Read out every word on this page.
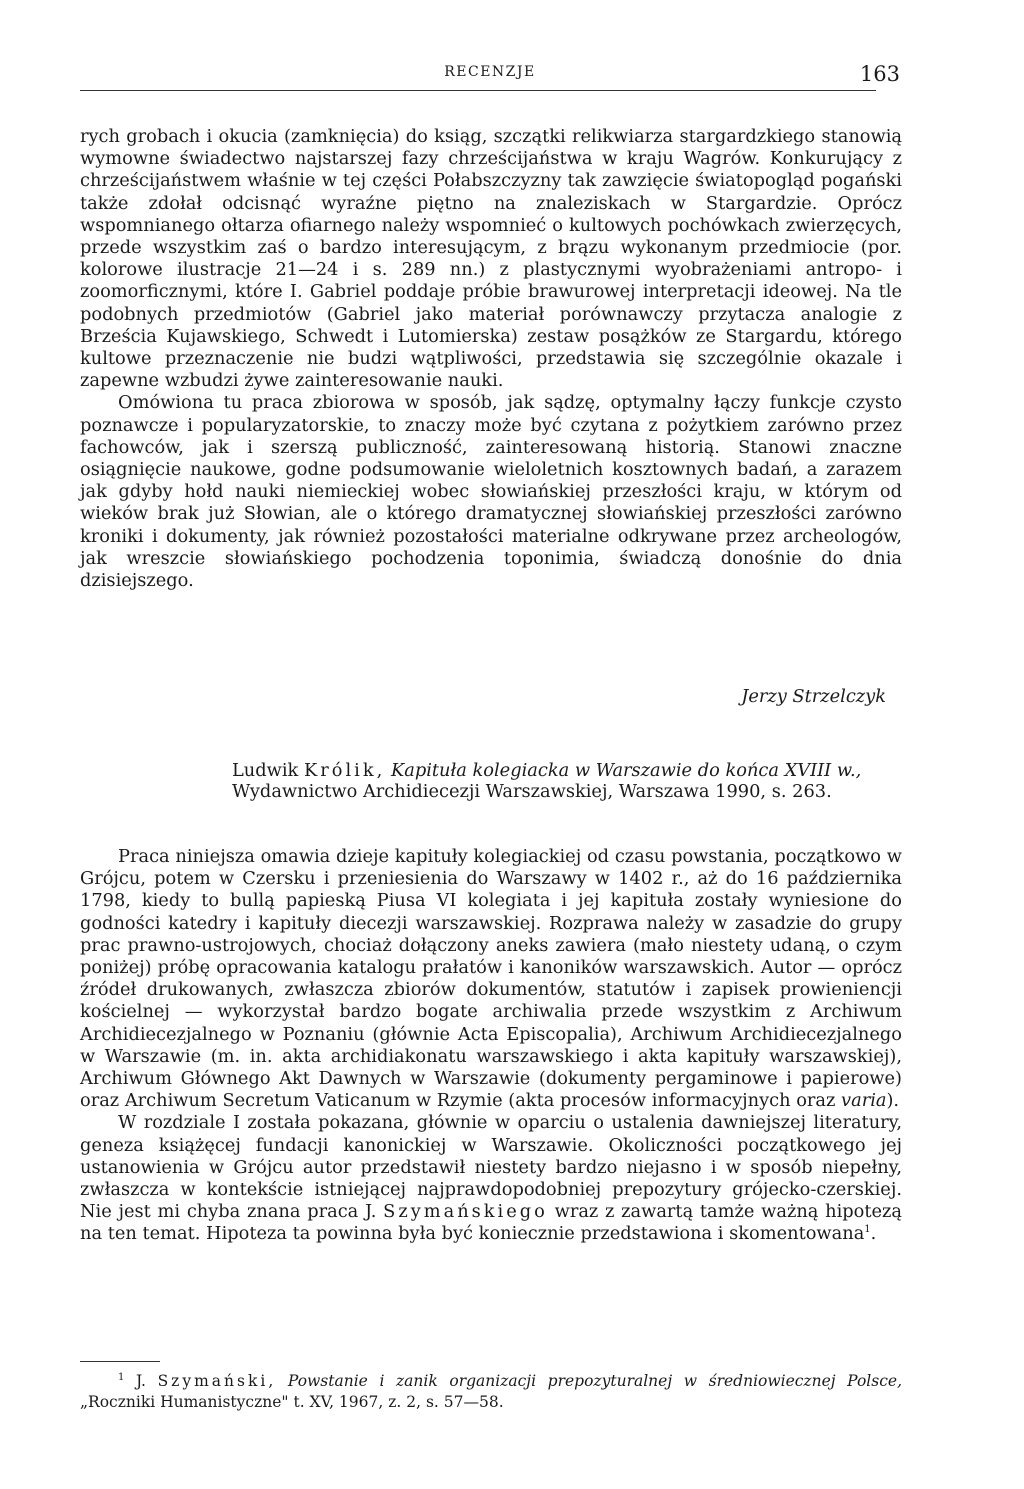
RECENZJE	163

rych grobach i okucia (zamknięcia) do ksiąg, szczątki relikwiarza stargardzkiego stanowią wymowne świadectwo najstarszej fazy chrześcijaństwa w kraju Wagrów. Konkurujący z chrześcijaństwem właśnie w tej części Połabszczyzny tak zawzięcie światopogląd pogański także zdołał odcisnąć wyraźne piętno na znaleziskach w Stargardzie. Oprócz wspomnianego ołtarza ofiarnego należy wspomnieć o kultowych pochówkach zwierzęcych, przede wszystkim zaś o bardzo interesującym, z brązu wykonanym przedmiocie (por. kolorowe ilustracje 21—24 i s. 289 nn.) z plastycznymi wyobrażeniami antropo- i zoomorficznymi, które I. Gabriel poddaje próbie brawurowej interpretacji ideowej. Na tle podobnych przedmiotów (Gabriel jako materiał porównawczy przytacza analogie z Brześcia Kujawskiego, Schwedt i Lutomierska) zestaw posążków ze Stargardu, którego kultowe przeznaczenie nie budzi wątpliwości, przedstawia się szczególnie okazale i zapewne wzbudzi żywe zainteresowanie nauki.

Omówiona tu praca zbiorowa w sposób, jak sądzę, optymalny łączy funkcje czysto poznawcze i popularyzatorskie, to znaczy może być czytana z pożytkiem zarówno przez fachowców, jak i szerszą publiczność, zainteresowaną historią. Stanowi znaczne osiągnięcie naukowe, godne podsumowanie wieloletnich kosztownych badań, a zarazem jak gdyby hołd nauki niemieckiej wobec słowiańskiej przeszłości kraju, w którym od wieków brak już Słowian, ale o którego dramatycznej słowiańskiej przeszłości zarówno kroniki i dokumenty, jak również pozostałości materialne odkrywane przez archeologów, jak wreszcie słowiańskiego pochodzenia toponimia, świadczą donośnie do dnia dzisiejszego.

Jerzy Strzelczyk
Ludwik Królik, Kapituła kolegiacka w Warszawie do końca XVIII w., Wydawnictwo Archidiecezji Warszawskiej, Warszawa 1990, s. 263.

Praca niniejsza omawia dzieje kapituły kolegiackiej od czasu powstania, początkowo w Grójcu, potem w Czersku i przeniesienia do Warszawy w 1402 r., aż do 16 października 1798, kiedy to bullą papieską Piusa VI kolegiata i jej kapituła zostały wyniesione do godności katedry i kapituły diecezji warszawskiej. Rozprawa należy w zasadzie do grupy prac prawno-ustrojowych, chociaż dołączony aneks zawiera (mało niestety udaną, o czym poniżej) próbę opracowania katalogu prałatów i kanoników warszawskich. Autor — oprócz źródeł drukowanych, zwłaszcza zbiorów dokumentów, statutów i zapisek prowieniencji kościelnej — wykorzystał bardzo bogate archiwalia przede wszystkim z Archiwum Archidiecezjalnego w Poznaniu (głównie Acta Episcopalia), Archiwum Archidiecezjalnego w Warszawie (m. in. akta archidiakonatu warszawskiego i akta kapituły warszawskiej), Archiwum Głównego Akt Dawnych w Warszawie (dokumenty pergaminowe i papierowe) oraz Archiwum Secretum Vaticanum w Rzymie (akta procesów informacyjnych oraz varia).

W rozdziale I została pokazana, głównie w oparciu o ustalenia dawniejszej literatury, geneza książęcej fundacji kanonickiej w Warszawie. Okoliczności początkowego jej ustanowienia w Grójcu autor przedstawił niestety bardzo niejasno i w sposób niepełny, zwłaszcza w kontekście istniejącej najprawdopodobniej prepozytury grójecko-czerskiej. Nie jest mi chyba znana praca J. Szymańskiego wraz z zawartą tamże ważną hipotezą na ten temat. Hipoteza ta powinna była być koniecznie przedstawiona i skomentowana$^1$.

$^1$ J. Szymański, Powstanie i zanik organizacji prepozyturalnej w średniowiecznej Polsce, „Roczniki Humanistyczne" t. XV, 1967, z. 2, s. 57—58.
